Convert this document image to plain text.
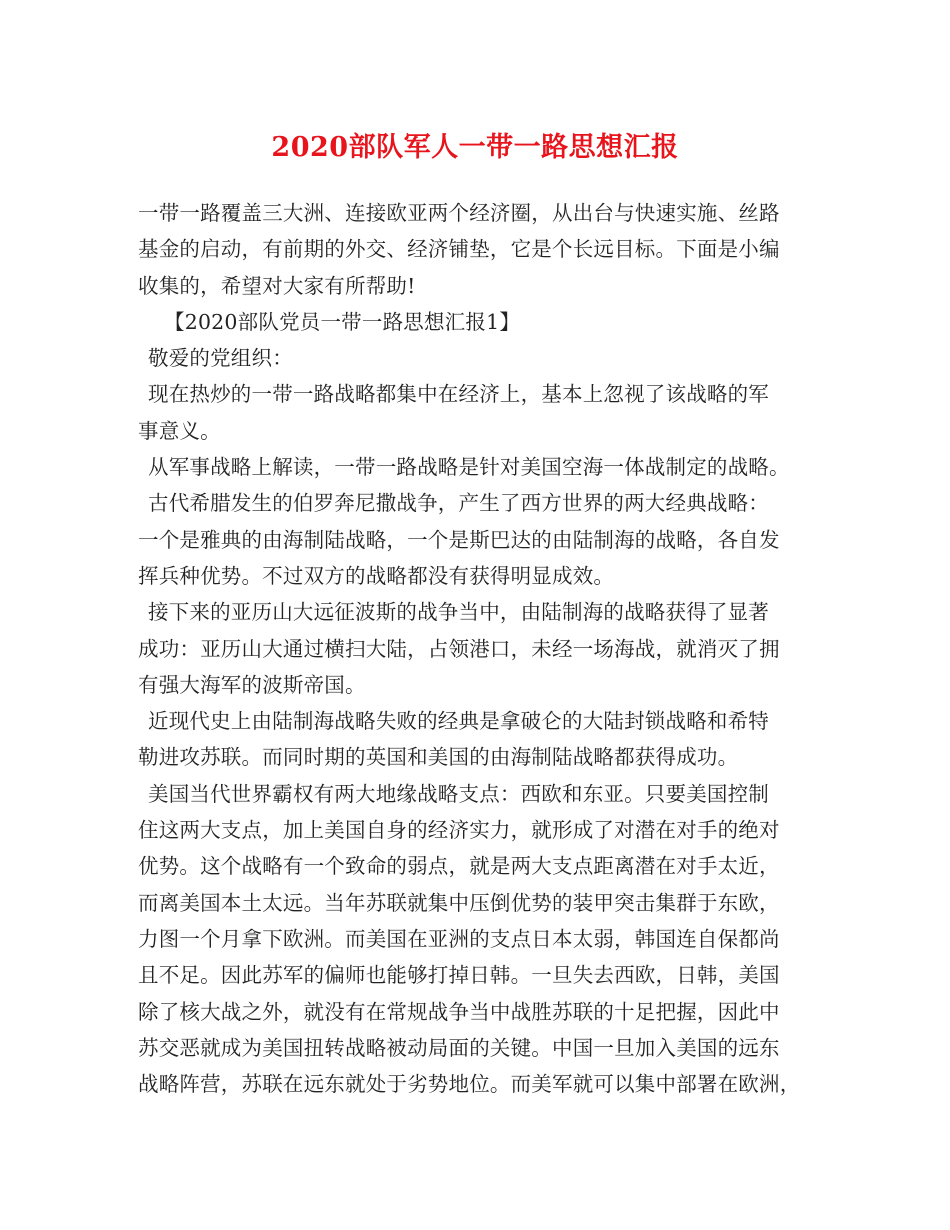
2020部队军人一带一路思想汇报
一带一路覆盖三大洲、连接欧亚两个经济圈，从出台与快速实施、丝路
基金的启动，有前期的外交、经济铺垫，它是个长远目标。下面是小编
收集的，希望对大家有所帮助!
【2020部队党员一带一路思想汇报1】
敬爱的党组织：
现在热炒的一带一路战略都集中在经济上，基本上忽视了该战略的军
事意义。
从军事战略上解读，一带一路战略是针对美国空海一体战制定的战略。
古代希腊发生的伯罗奔尼撒战争，产生了西方世界的两大经典战略：
一个是雅典的由海制陆战略，一个是斯巴达的由陆制海的战略，各自发
挥兵种优势。不过双方的战略都没有获得明显成效。
接下来的亚历山大远征波斯的战争当中，由陆制海的战略获得了显著
成功：亚历山大通过横扫大陆，占领港口，未经一场海战，就消灭了拥
有强大海军的波斯帝国。
近现代史上由陆制海战略失败的经典是拿破仑的大陆封锁战略和希特
勒进攻苏联。而同时期的英国和美国的由海制陆战略都获得成功。
美国当代世界霸权有两大地缘战略支点：西欧和东亚。只要美国控制
住这两大支点，加上美国自身的经济实力，就形成了对潜在对手的绝对
优势。这个战略有一个致命的弱点，就是两大支点距离潜在对手太近，
而离美国本土太远。当年苏联就集中压倒优势的装甲突击集群于东欧，
力图一个月拿下欧洲。而美国在亚洲的支点日本太弱，韩国连自保都尚
且不足。因此苏军的偏师也能够打掉日韩。一旦失去西欧，日韩，美国
除了核大战之外，就没有在常规战争当中战胜苏联的十足把握，因此中
苏交恶就成为美国扭转战略被动局面的关键。中国一旦加入美国的远东
战略阵营，苏联在远东就处于劣势地位。而美军就可以集中部署在欧洲，
